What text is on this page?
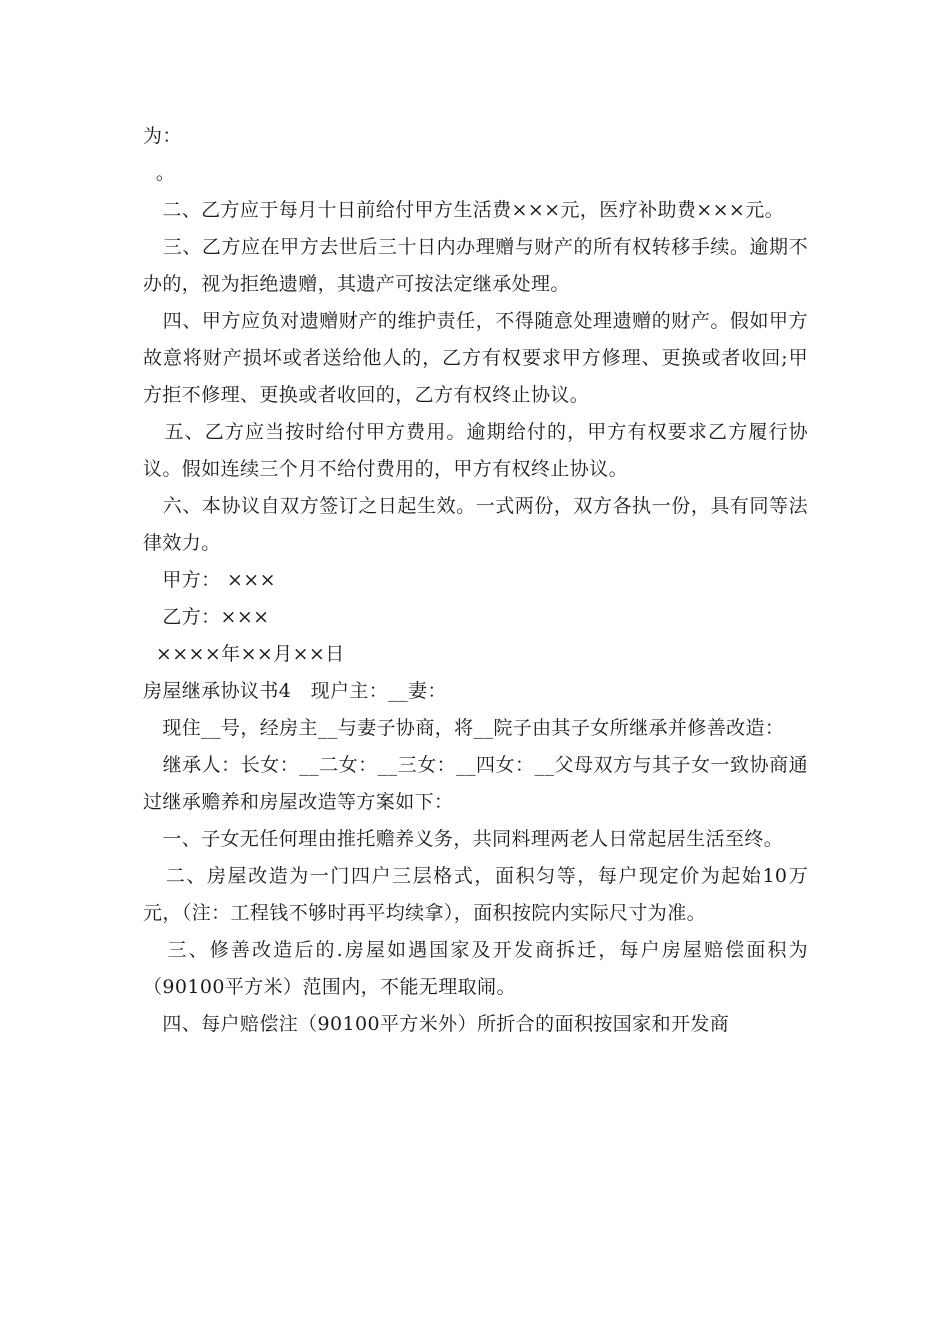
为：

。

二、乙方应于每月十日前给付甲方生活费×××元，医疗补助费×××元。

三、乙方应在甲方去世后三十日内办理赠与财产的所有权转移手续。逾期不办的，视为拒绝遗赠，其遗产可按法定继承处理。

四、甲方应负对遗赠财产的维护责任，不得随意处理遗赠的财产。假如甲方故意将财产损坏或者送给他人的，乙方有权要求甲方修理、更换或者收回;甲方拒不修理、更换或者收回的，乙方有权终止协议。

五、乙方应当按时给付甲方费用。逾期给付的，甲方有权要求乙方履行协议。假如连续三个月不给付费用的，甲方有权终止协议。

六、本协议自双方签订之日起生效。一式两份，双方各执一份，具有同等法律效力。

甲方： ×××

乙方：×××

××××年××月××日

房屋继承协议书4   现户主：__妻：

现住__号，经房主__与妻子协商，将__院子由其子女所继承并修善改造：

继承人：长女：__二女：__三女：__四女：__父母双方与其子女一致协商通过继承赡养和房屋改造等方案如下：

一、子女无任何理由推托赡养义务，共同料理两老人日常起居生活至终。

二、房屋改造为一门四户三层格式，面积匀等，每户现定价为起始10万元，（注：工程钱不够时再平均续拿），面积按院内实际尺寸为准。

三、修善改造后的.房屋如遇国家及开发商拆迁，每户房屋赔偿面积为（90100平方米）范围内，不能无理取闹。

四、每户赔偿注（90100平方米外）所折合的面积按国家和开发商
